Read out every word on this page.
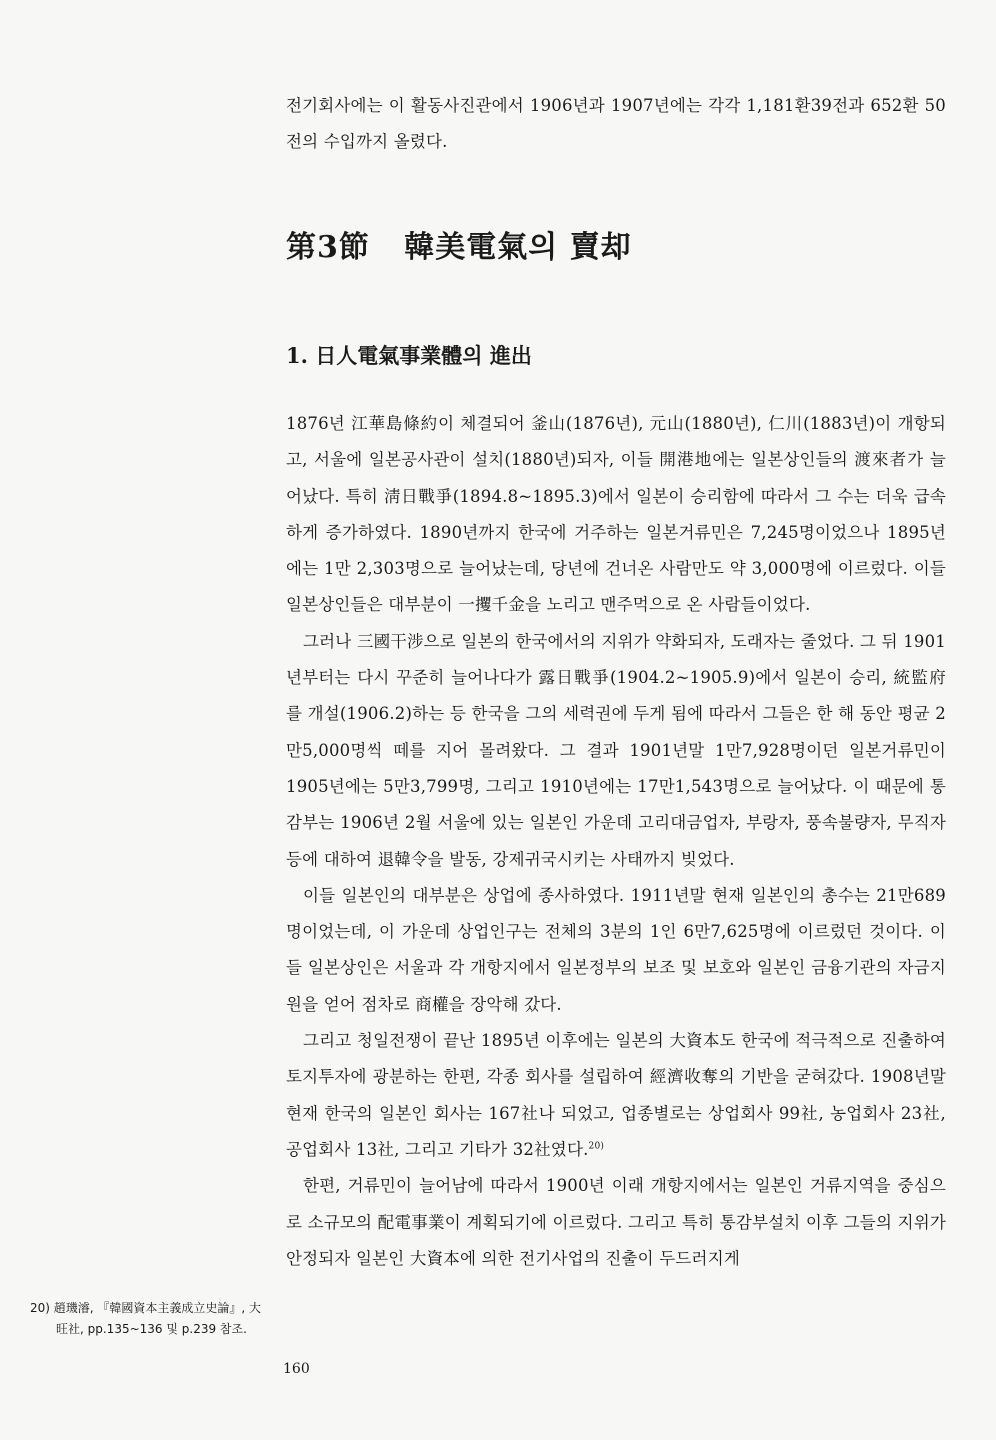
전기회사에는 이 활동사진관에서 1906년과 1907년에는 각각 1,181환39전과 652환 50전의 수입까지 올렸다.

第3節   韓美電氣의 賣却
1. 日人電氣事業體의 進出

1876년 江華島條約이 체결되어 釜山(1876년), 元山(1880년), 仁川(1883년)이 개항되고, 서울에 일본공사관이 설치(1880년)되자, 이들 開港地에는 일본상인들의 渡來者가 늘어났다. 특히 淸日戰爭(1894.8~1895.3)에서 일본이 승리함에 따라서 그 수는 더욱 급속하게 증가하였다. 1890년까지 한국에 거주하는 일본거류민은 7,245명이었으나 1895년에는 1만 2,303명으로 늘어났는데, 당년에 건너온 사람만도 약 3,000명에 이르렀다. 이들 일본상인들은 대부분이 一攫千金을 노리고 맨주먹으로 온 사람들이었다.

그러나 三國干涉으로 일본의 한국에서의 지위가 약화되자, 도래자는 줄었다. 그 뒤 1901년부터는 다시 꾸준히 늘어나다가 露日戰爭(1904.2~1905.9)에서 일본이 승리, 統監府를 개설(1906.2)하는 등 한국을 그의 세력권에 두게 됨에 따라서 그들은 한 해 동안 평균 2만5,000명씩 떼를 지어 몰려왔다. 그 결과 1901년말 1만7,928명이던 일본거류민이 1905년에는 5만3,799명, 그리고 1910년에는 17만1,543명으로 늘어났다. 이 때문에 통감부는 1906년 2월 서울에 있는 일본인 가운데 고리대금업자, 부랑자, 풍속불량자, 무직자 등에 대하여 退韓令을 발동, 강제귀국시키는 사태까지 빚었다.

이들 일본인의 대부분은 상업에 종사하였다. 1911년말 현재 일본인의 총수는 21만689명이었는데, 이 가운데 상업인구는 전체의 3분의 1인 6만7,625명에 이르렀던 것이다. 이들 일본상인은 서울과 각 개항지에서 일본정부의 보조 및 보호와 일본인 금융기관의 자금지원을 얻어 점차로 商權을 장악해 갔다.

그리고 청일전쟁이 끝난 1895년 이후에는 일본의 大資本도 한국에 적극적으로 진출하여 토지투자에 광분하는 한편, 각종 회사를 설립하여 經濟收奪의 기반을 굳혀갔다. 1908년말 현재 한국의 일본인 회사는 167社나 되었고, 업종별로는 상업회사 99社, 농업회사 23社, 공업회사 13社, 그리고 기타가 32社였다.$^{20)}$

한편, 거류민이 늘어남에 따라서 1900년 이래 개항지에서는 일본인 거류지역을 중심으로 소규모의 配電事業이 계획되기에 이르렀다. 그리고 특히 통감부설치 이후 그들의 지위가 안정되자 일본인 大資本에 의한 전기사업의 진출이 두드러지게

20) 趙璣濬, 『韓國資本主義成立史論』, 大
旺社, pp.135~136 및 p.239 참조.

160
